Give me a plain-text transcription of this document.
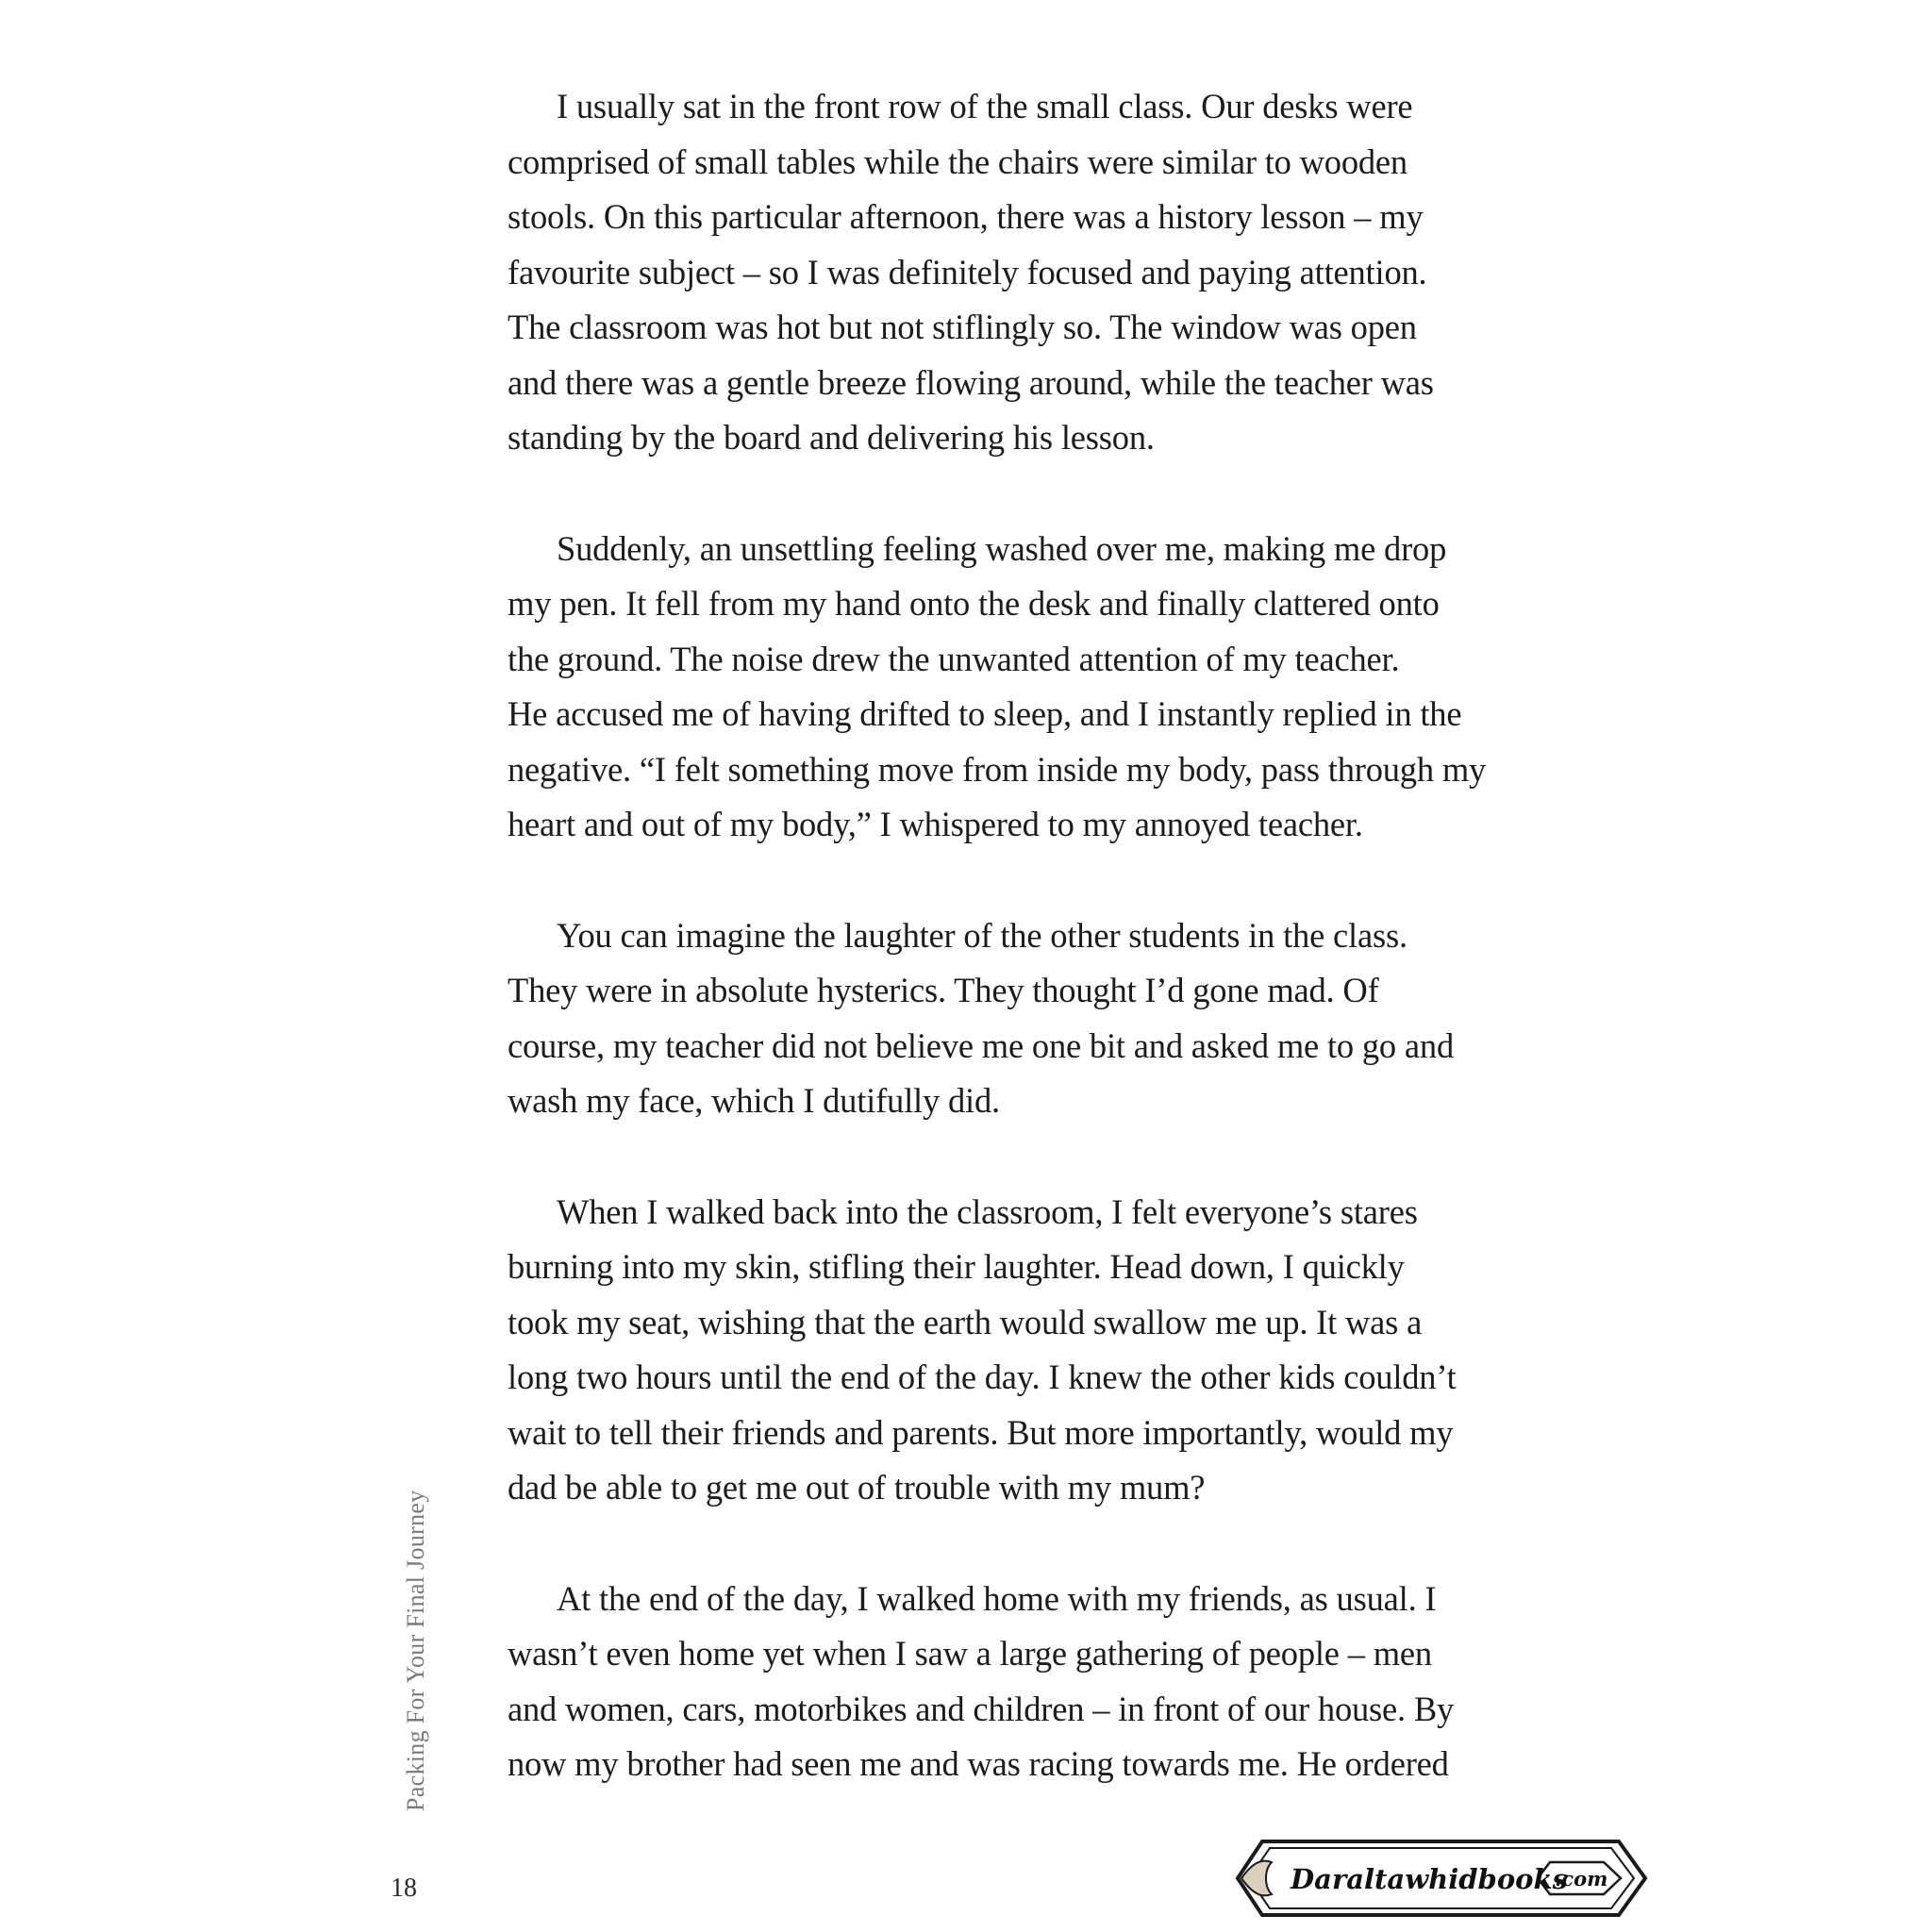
I usually sat in the front row of the small class. Our desks were
comprised of small tables while the chairs were similar to wooden
stools. On this particular afternoon, there was a history lesson – my
favourite subject – so I was definitely focused and paying attention.
The classroom was hot but not stiflingly so. The window was open
and there was a gentle breeze flowing around, while the teacher was
standing by the board and delivering his lesson.

Suddenly, an unsettling feeling washed over me, making me drop
my pen. It fell from my hand onto the desk and finally clattered onto
the ground. The noise drew the unwanted attention of my teacher.
He accused me of having drifted to sleep, and I instantly replied in the
negative. “I felt something move from inside my body, pass through my
heart and out of my body,” I whispered to my annoyed teacher.

You can imagine the laughter of the other students in the class.
They were in absolute hysterics. They thought I’d gone mad. Of
course, my teacher did not believe me one bit and asked me to go and
wash my face, which I dutifully did.

When I walked back into the classroom, I felt everyone’s stares
burning into my skin, stifling their laughter. Head down, I quickly
took my seat, wishing that the earth would swallow me up. It was a
long two hours until the end of the day. I knew the other kids couldn’t
wait to tell their friends and parents. But more importantly, would my
dad be able to get me out of trouble with my mum?

At the end of the day, I walked home with my friends, as usual. I
wasn’t even home yet when I saw a large gathering of people – men
and women, cars, motorbikes and children – in front of our house. By
now my brother had seen me and was racing towards me. He ordered

Packing For Your Final Journey
18	Daraltawhidbooks
.com
